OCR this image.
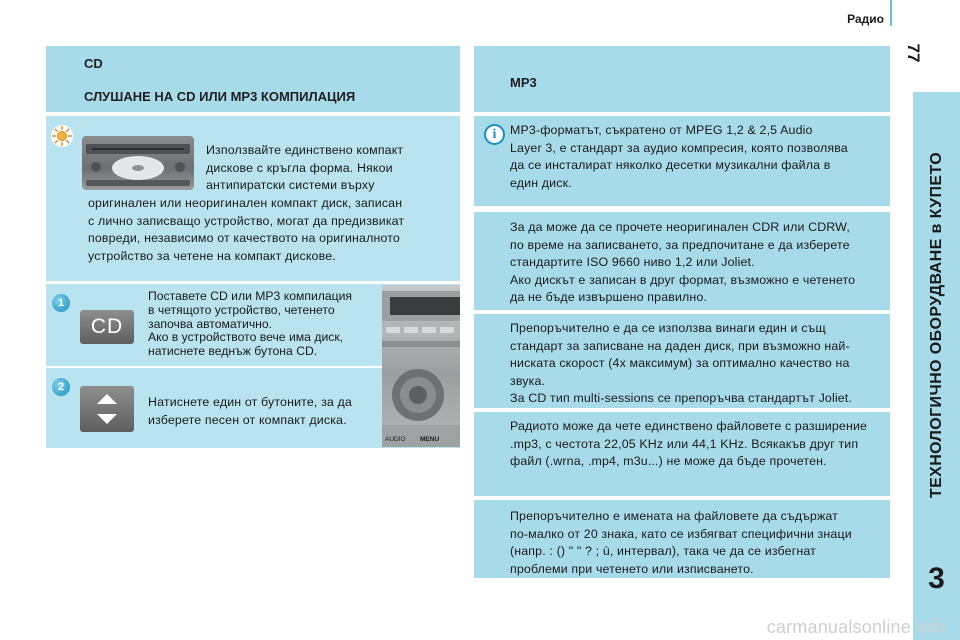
Радио
77
ТЕХНОЛОГИЧНО ОБОРУДВАНЕ в КУПЕТО
3
CD
СЛУШАНЕ НА CD ИЛИ MP3 КОМПИЛАЦИЯ
Използвайте единствено компакт
дискове с кръгла форма. Някои
антипиратски системи върху
оригинален или неоригинален компакт диск, записан
с лично записващо устройство, могат да предизвикат
повреди, независимо от качеството на оригиналното
устройство за четене на компакт дискове.
1
CD
Поставете CD или MP3 компилация
в четящото устройство, четенето
започва автоматично.
Ако в устройството вече има диск,
натиснете веднъж бутона CD.
2
Натиснете един от бутоните, за да
изберете песен от компакт диска.
AUDIO MENU
MP3
i	MP3-форматът, съкратено от MPEG 1,2 & 2,5 Audio
Layer 3, е стандарт за аудио компресия, която позволява
да се инсталират няколко десетки музикални файла в
един диск.
За да може да се прочете неоригинален CDR или CDRW,
по време на записването, за предпочитане е да изберете
стандартите ISO 9660 ниво 1,2 или Joliet.
Ако дискът е записан в друг формат, възможно е четенето
да не бъде извършено правилно.
Препоръчително е да се използва винаги един и същ
стандарт за записване на даден диск, при възможно най-
ниската скорост (4x максимум) за оптимално качество на
звука.
За CD тип multi-sessions се препоръчва стандартът Joliet.
Радиото може да чете единствено файловете с разширение
.mp3, с честота 22,05 KHz или 44,1 KHz. Всякакъв друг тип
файл (.wrna, .mp4, m3u...) не може да бъде прочетен.
Препоръчително е имената на файловете да съдържат
по-малко от 20 знака, като се избягват специфични знаци
(напр. : () " " ? ; ù, интервал), така че да се избегнат
проблеми при четенето или изписването.
carmanualsonline.info
